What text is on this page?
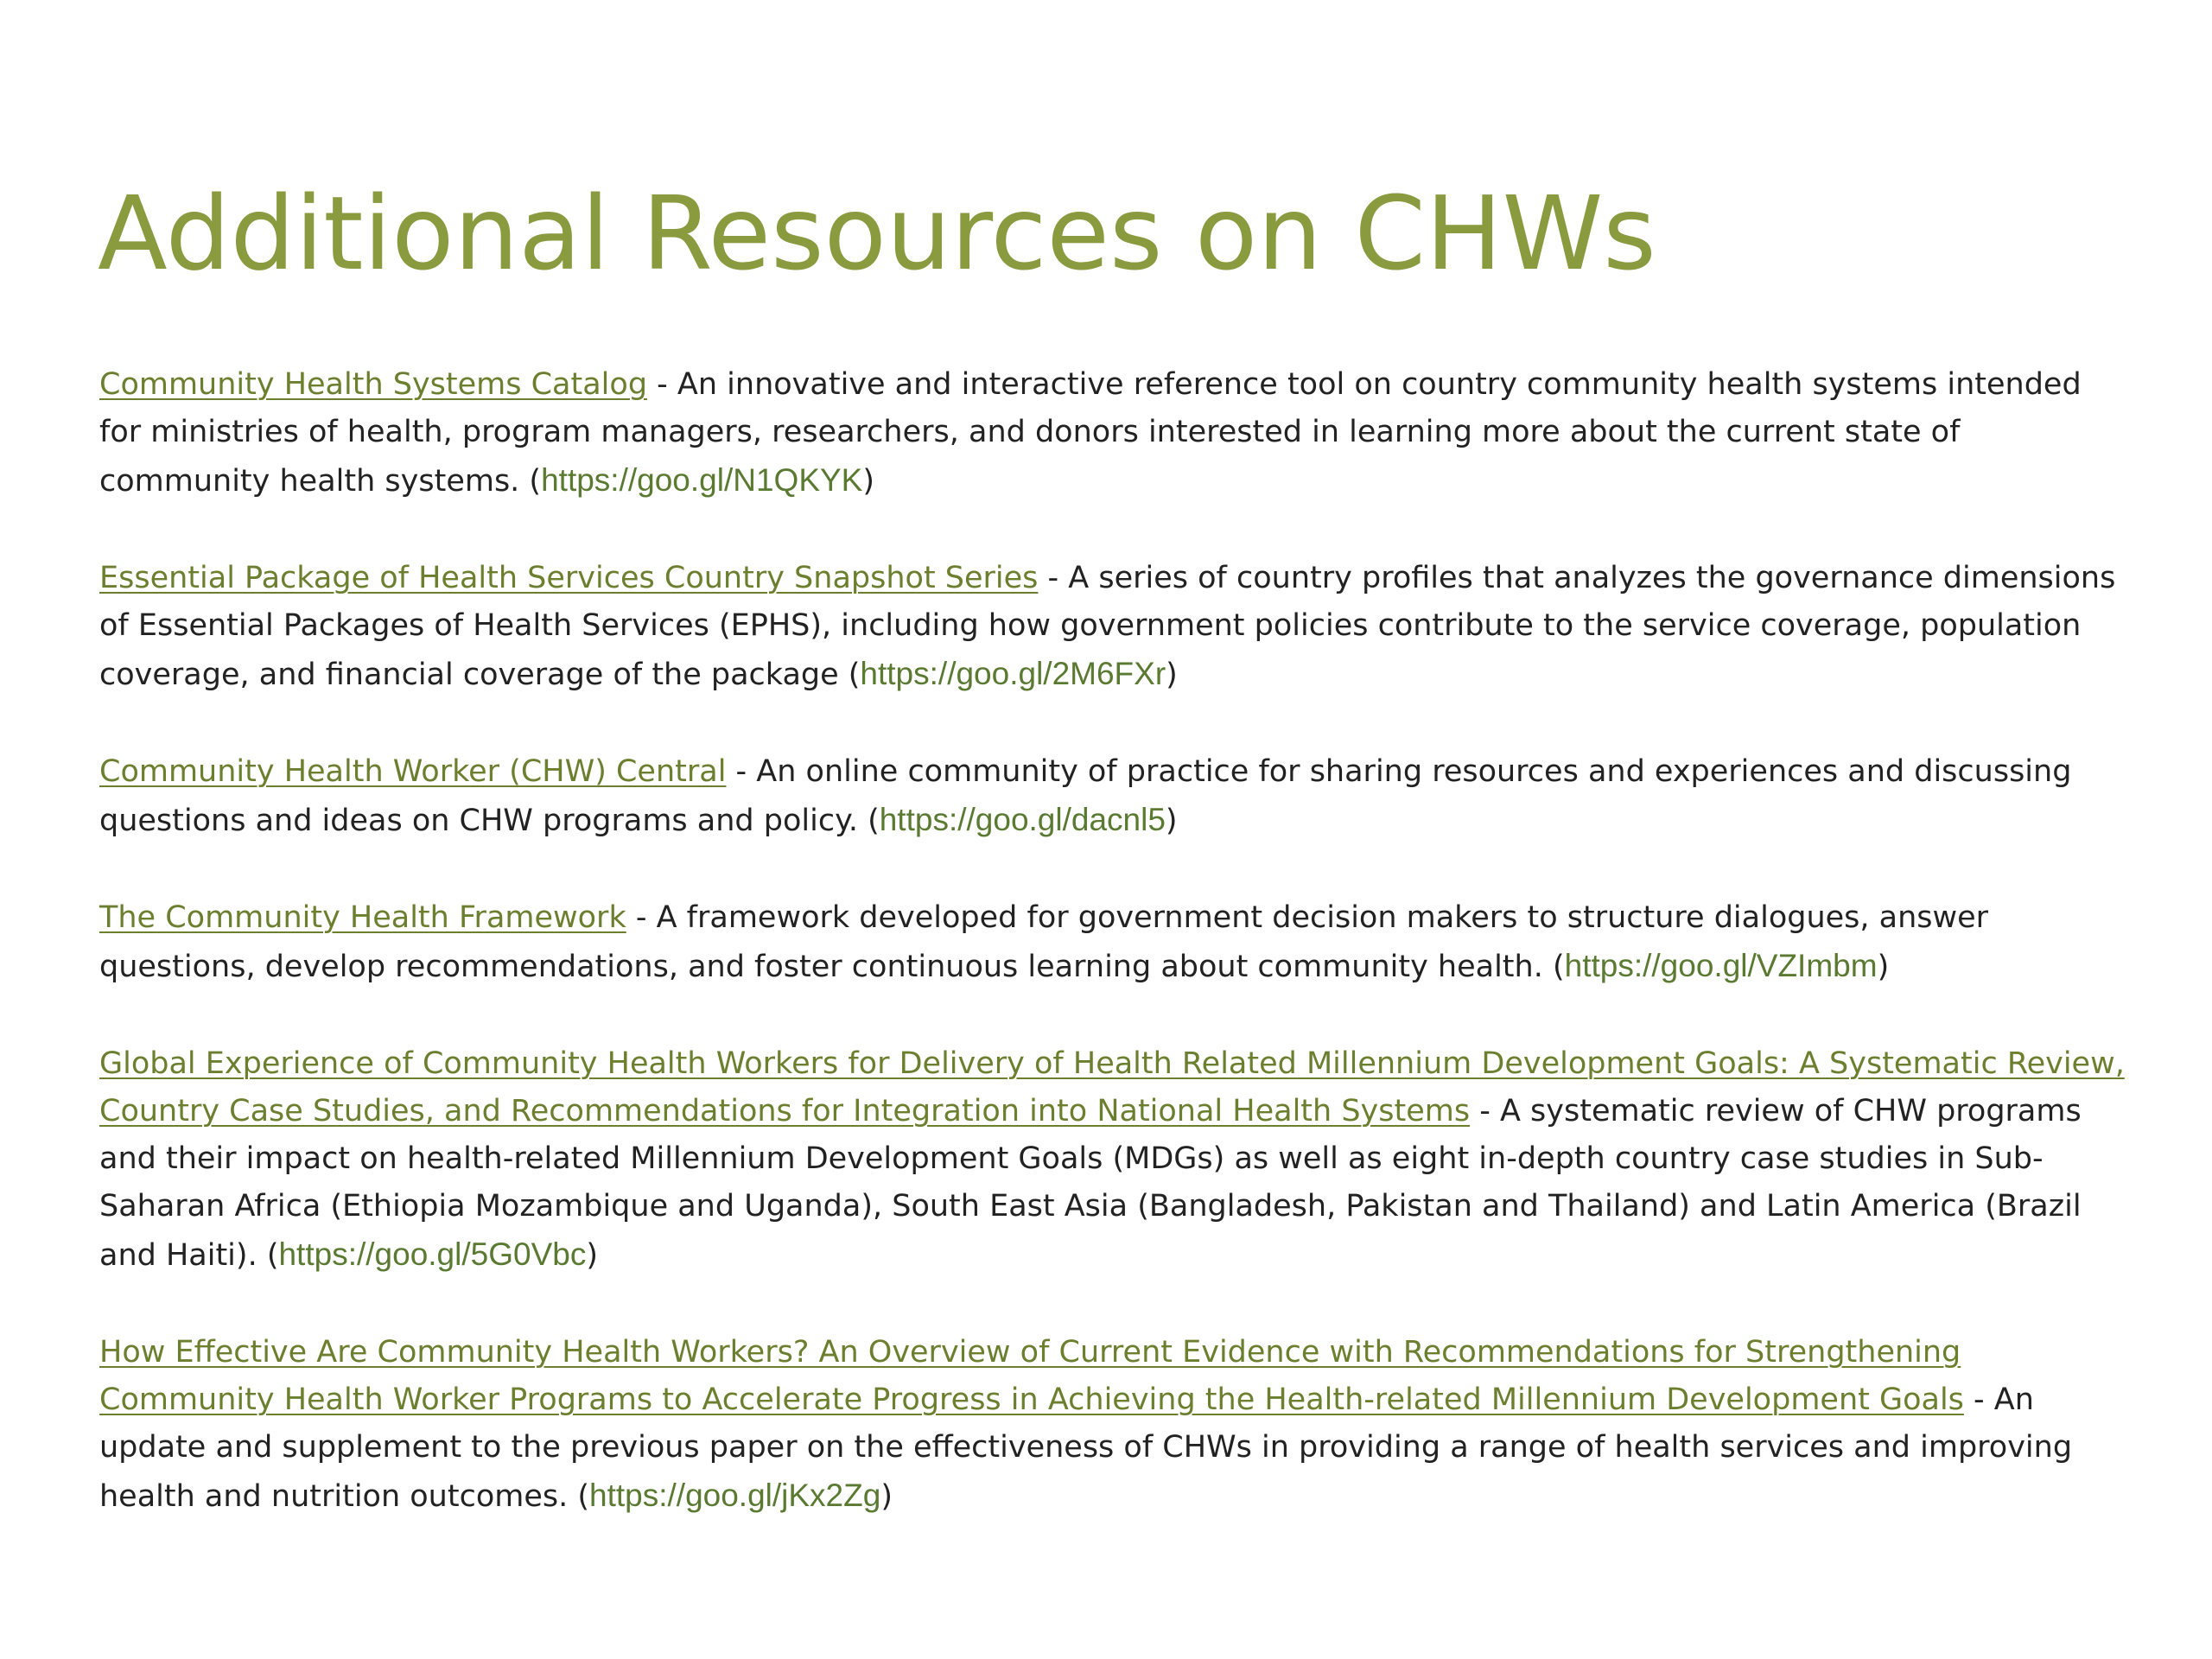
Additional Resources on CHWs
Community Health Systems Catalog - An innovative and interactive reference tool on country community health systems intended for ministries of health, program managers, researchers, and donors interested in learning more about the current state of community health systems. (https://goo.gl/N1QKYK)
Essential Package of Health Services Country Snapshot Series - A series of country profiles that analyzes the governance dimensions of Essential Packages of Health Services (EPHS), including how government policies contribute to the service coverage, population coverage, and financial coverage of the package (https://goo.gl/2M6FXr)
Community Health Worker (CHW) Central - An online community of practice for sharing resources and experiences and discussing questions and ideas on CHW programs and policy. (https://goo.gl/dacnl5)
The Community Health Framework - A framework developed for government decision makers to structure dialogues, answer questions, develop recommendations, and foster continuous learning about community health. (https://goo.gl/VZImbm)
Global Experience of Community Health Workers for Delivery of Health Related Millennium Development Goals: A Systematic Review, Country Case Studies, and Recommendations for Integration into National Health Systems - A systematic review of CHW programs and their impact on health-related Millennium Development Goals (MDGs) as well as eight in-depth country case studies in Sub-Saharan Africa (Ethiopia Mozambique and Uganda), South East Asia (Bangladesh, Pakistan and Thailand) and Latin America (Brazil and Haiti). (https://goo.gl/5G0Vbc)
How Effective Are Community Health Workers? An Overview of Current Evidence with Recommendations for Strengthening Community Health Worker Programs to Accelerate Progress in Achieving the Health-related Millennium Development Goals - An update and supplement to the previous paper on the effectiveness of CHWs in providing a range of health services and improving health and nutrition outcomes. (https://goo.gl/jKx2Zg)
